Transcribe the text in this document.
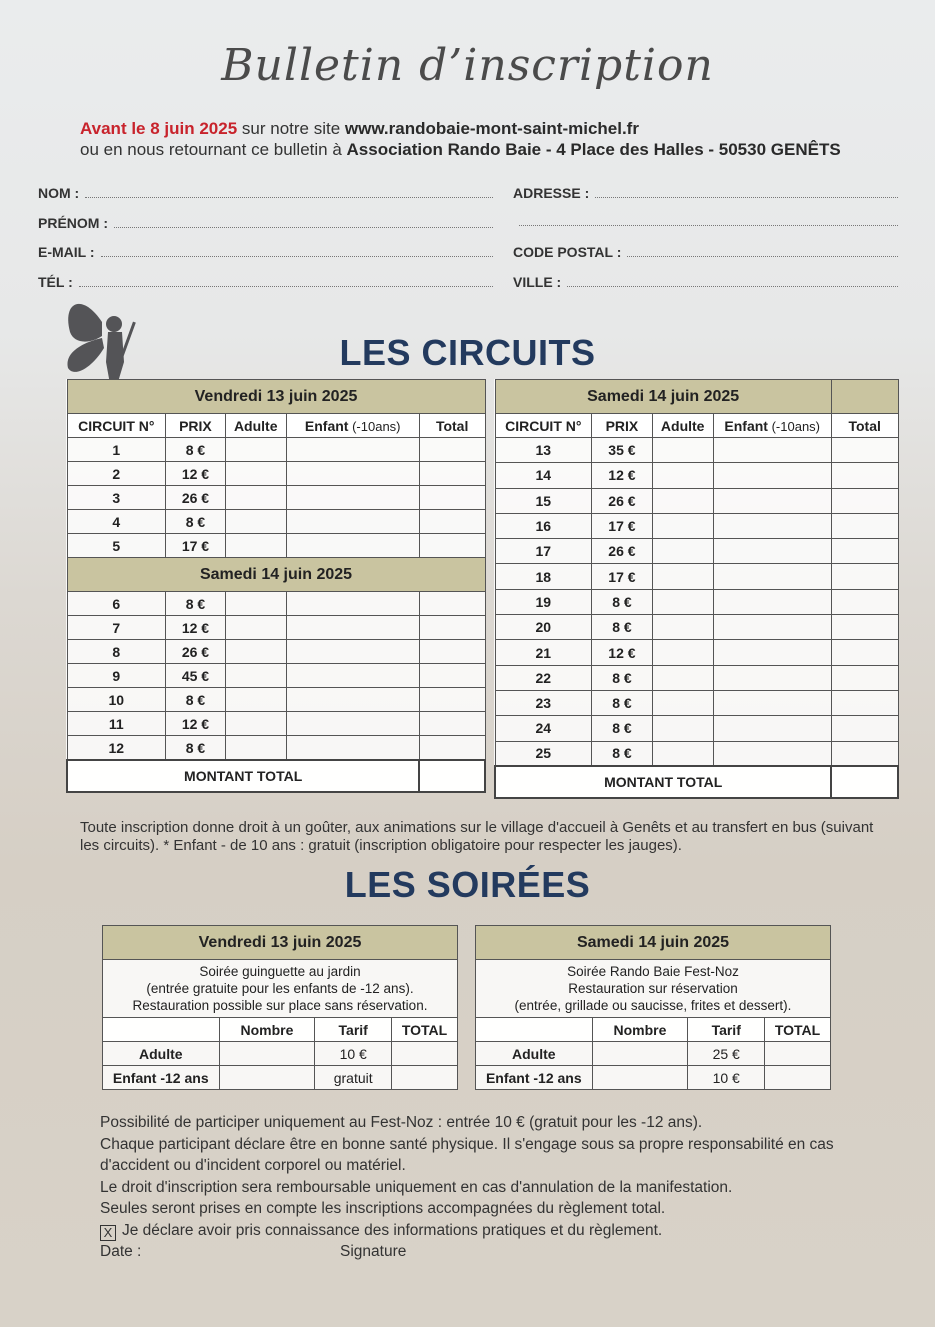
Bulletin d’inscription
Avant le 8 juin 2025 sur notre site www.randobaie-mont-saint-michel.fr
ou en nous retournant ce bulletin à Association Rando Baie - 4 Place des Halles - 50530 GENÊTS
NOM :
PRÉNOM :
E-MAIL :
TÉL :
ADRESSE :
CODE POSTAL :
VILLE :
LES CIRCUITS
Vendredi 13 juin 2025				
CIRCUIT N°	PRIX	Adulte	Enfant (-10ans)	Total
1	8 €			
2	12 €			
3	26 €			
4	8 €			
5	17 €			
Samedi 14 juin 2025				
6	8 €			
7	12 €			
8	26 €			
9	45 €			
10	8 €			
11	12 €			
12	8 €			
MONTANT TOTAL				
Samedi 14 juin 2025				
CIRCUIT N°	PRIX	Adulte	Enfant (-10ans)	Total
13	35 €			
14	12 €			
15	26 €			
16	17 €			
17	26 €			
18	17 €			
19	8 €			
20	8 €			
21	12 €			
22	8 €			
23	8 €			
24	8 €			
25	8 €			
MONTANT TOTAL				
Toute inscription donne droit à un goûter, aux animations sur le village d'accueil à Genêts et au transfert en bus (suivant les circuits). * Enfant - de 10 ans : gratuit (inscription obligatoire pour respecter les jauges).
LES SOIRÉES
Vendredi 13 juin 2025			

Soirée guinguette au jardin
(entrée gratuite pour les enfants de -12 ans).
Restauration possible sur place sans réservation.			

	Nombre	Tarif	TOTAL
Adulte		10 €	
Enfant -12 ans		gratuit	
Samedi 14 juin 2025			

Soirée Rando Baie Fest-Noz
Restauration sur réservation
(entrée, grillade ou saucisse, frites et dessert).			

	Nombre	Tarif	TOTAL
Adulte		25 €	
Enfant -12 ans		10 €	
Possibilité de participer uniquement au Fest-Noz : entrée 10 € (gratuit pour les -12 ans).
Chaque participant déclare être en bonne santé physique. Il s'engage sous sa propre responsabilité en cas d'accident ou d'incident corporel ou matériel.
Le droit d'inscription sera remboursable uniquement en cas d'annulation de la manifestation.
Seules seront prises en compte les inscriptions accompagnées du règlement total.
X Je déclare avoir pris connaissance des informations pratiques et du règlement.
Date :	Signature
